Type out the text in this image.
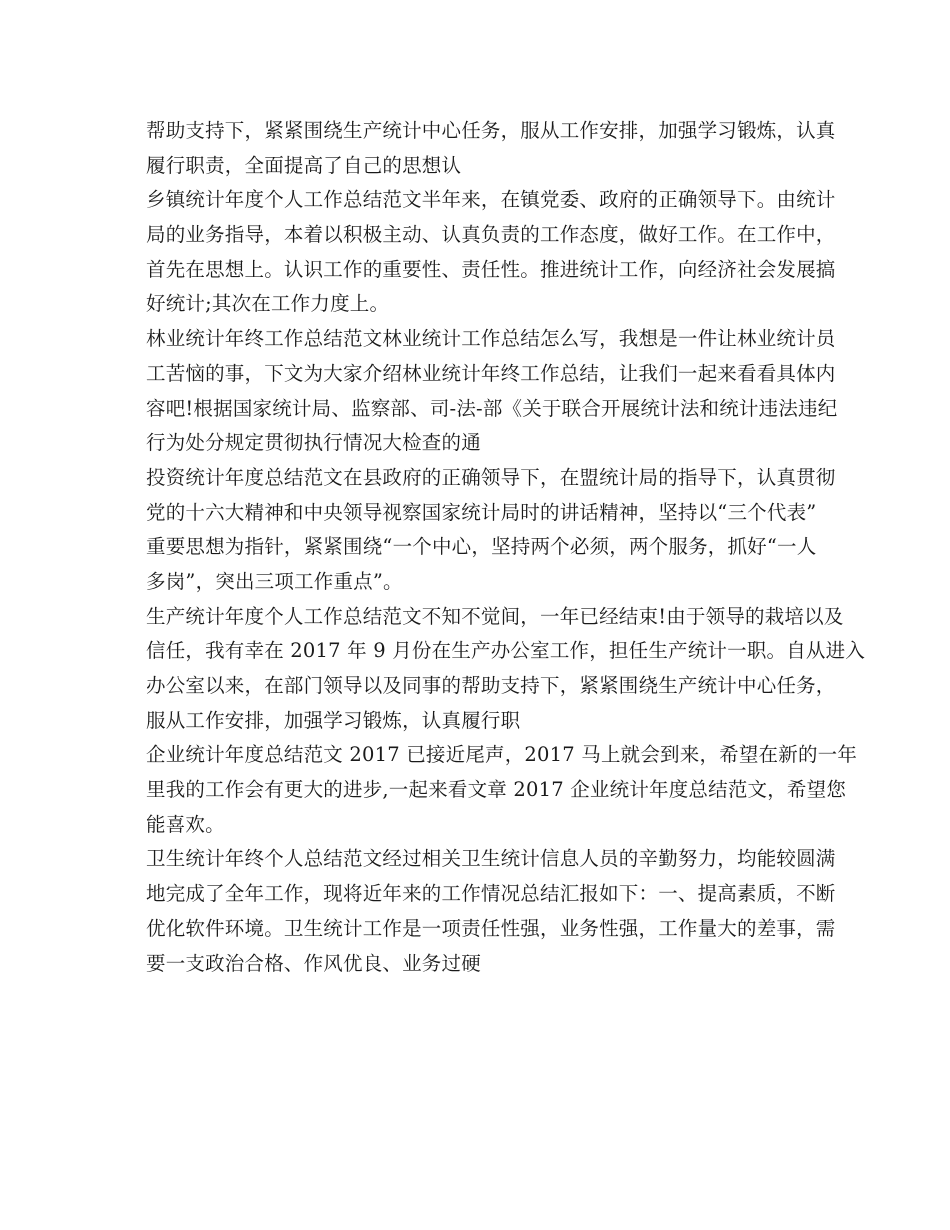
帮助支持下，紧紧围绕生产统计中心任务，服从工作安排，加强学习锻炼，认真
履行职责，全面提高了自己的思想认
乡镇统计年度个人工作总结范文半年来，在镇党委、政府的正确领导下。由统计
局的业务指导，本着以积极主动、认真负责的工作态度，做好工作。在工作中，
首先在思想上。认识工作的重要性、责任性。推进统计工作，向经济社会发展搞
好统计;其次在工作力度上。
林业统计年终工作总结范文林业统计工作总结怎么写，我想是一件让林业统计员
工苦恼的事，下文为大家介绍林业统计年终工作总结，让我们一起来看看具体内
容吧!根据国家统计局、监察部、司-法-部《关于联合开展统计法和统计违法违纪
行为处分规定贯彻执行情况大检查的通
投资统计年度总结范文在县政府的正确领导下，在盟统计局的指导下，认真贯彻
党的十六大精神和中央领导视察国家统计局时的讲话精神，坚持以“三个代表”
重要思想为指针，紧紧围绕“一个中心，坚持两个必须，两个服务，抓好“一人
多岗”，突出三项工作重点”。
生产统计年度个人工作总结范文不知不觉间，一年已经结束!由于领导的栽培以及
信任，我有幸在 2017 年 9 月份在生产办公室工作，担任生产统计一职。自从进入
办公室以来，在部门领导以及同事的帮助支持下，紧紧围绕生产统计中心任务，
服从工作安排，加强学习锻炼，认真履行职
企业统计年度总结范文 2017 已接近尾声，2017 马上就会到来，希望在新的一年
里我的工作会有更大的进步,一起来看文章 2017 企业统计年度总结范文，希望您
能喜欢。
卫生统计年终个人总结范文经过相关卫生统计信息人员的辛勤努力，均能较圆满
地完成了全年工作，现将近年来的工作情况总结汇报如下：一、提高素质，不断
优化软件环境。卫生统计工作是一项责任性强，业务性强，工作量大的差事，需
要一支政治合格、作风优良、业务过硬
